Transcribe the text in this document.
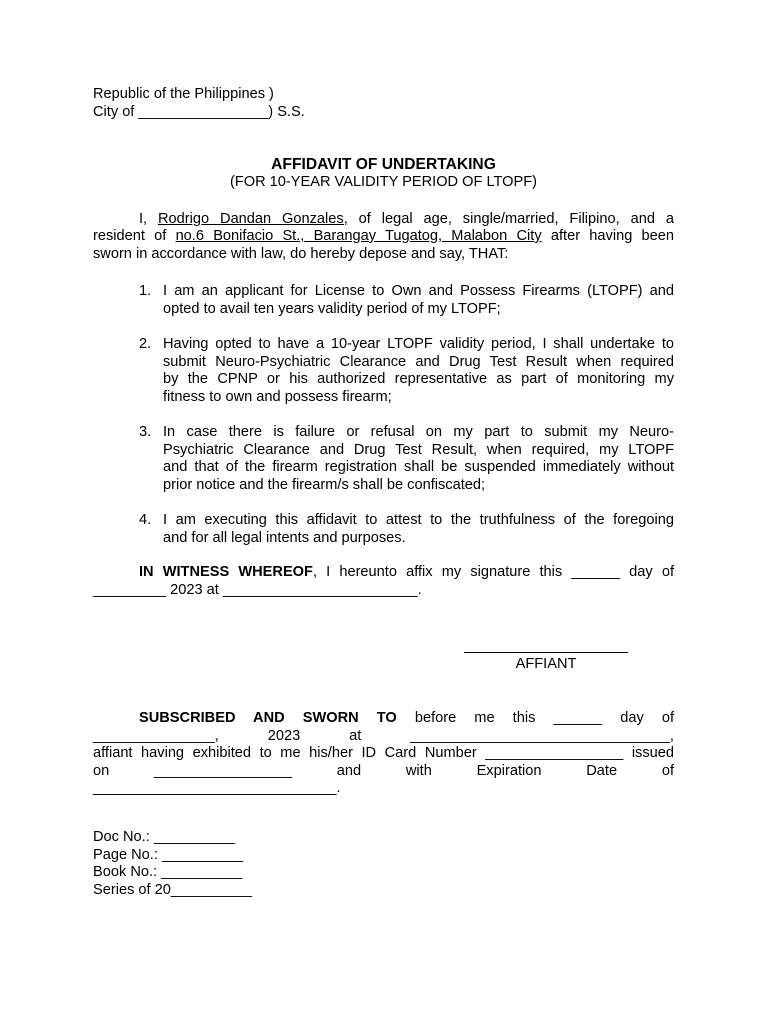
Republic of the Philippines )
City of ________________) S.S.
AFFIDAVIT OF UNDERTAKING
(FOR 10-YEAR VALIDITY PERIOD OF LTOPF)
I, Rodrigo Dandan Gonzales, of legal age, single/married, Filipino, and a
resident of no.6 Bonifacio St., Barangay Tugatog, Malabon City after having been
sworn in accordance with law, do hereby depose and say, THAT:
1. I am an applicant for License to Own and Possess Firearms (LTOPF) and
opted to avail ten years validity period of my LTOPF;
2. Having opted to have a 10-year LTOPF validity period, I shall undertake to
submit Neuro-Psychiatric Clearance and Drug Test Result when required
by the CPNP or his authorized representative as part of monitoring my
fitness to own and possess firearm;
3. In case there is failure or refusal on my part to submit my Neuro-
Psychiatric Clearance and Drug Test Result, when required, my LTOPF
and that of the firearm registration shall be suspended immediately without
prior notice and the firearm/s shall be confiscated;
4. I am executing this affidavit to attest to the truthfulness of the foregoing
and for all legal intents and purposes.
IN WITNESS WHEREOF, I hereunto affix my signature this ______ day of
_________ 2023 at ________________________.
AFFIANT
SUBSCRIBED AND SWORN TO before me this ______ day of
_______________, 2023 at ________________________________,
affiant having exhibited to me his/her ID Card Number _________________ issued
on _________________ and with Expiration Date of
______________________________.
Doc No.: __________
Page No.: __________
Book No.: __________
Series of 20__________
